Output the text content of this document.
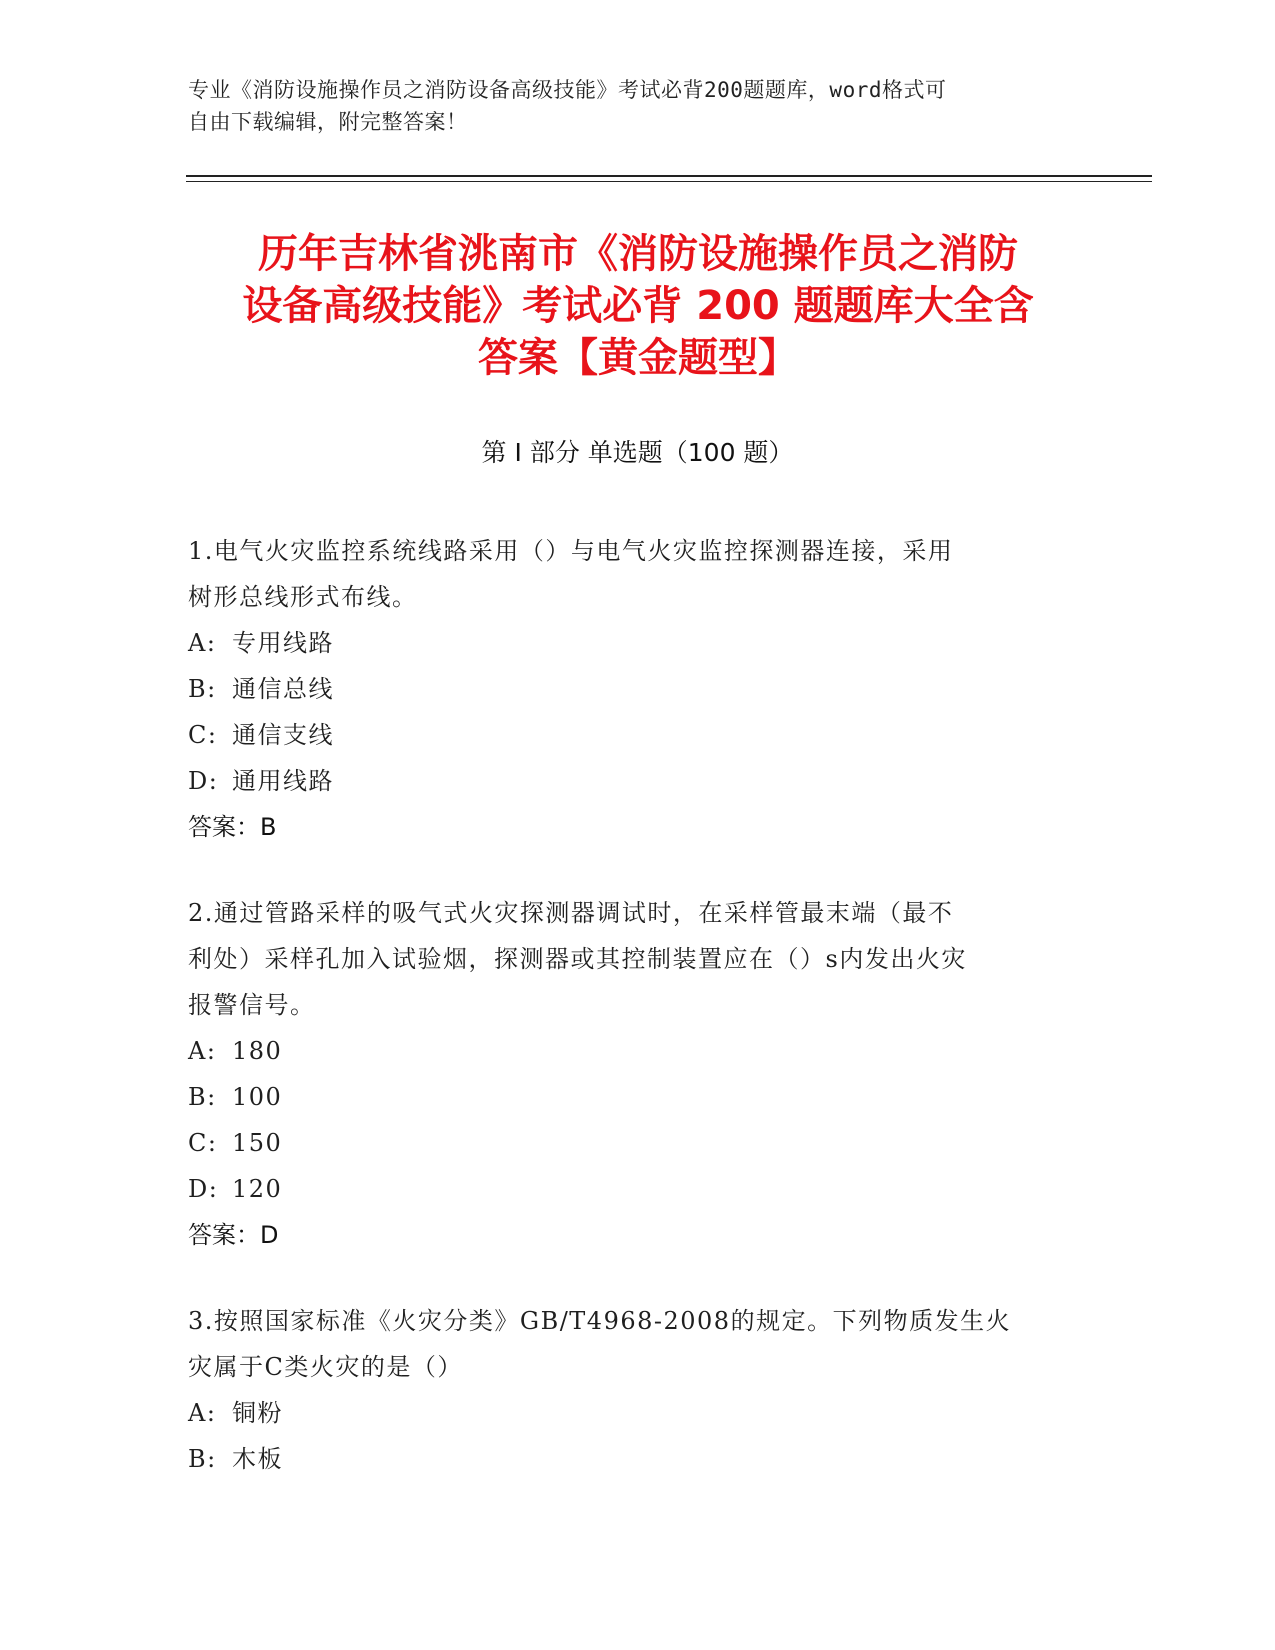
专业《消防设施操作员之消防设备高级技能》考试必背200题题库，word格式可
自由下载编辑，附完整答案！
历年吉林省洮南市《消防设施操作员之消防
设备高级技能》考试必背 200 题题库大全含
答案【黄金题型】
第 I 部分 单选题（100 题）
1.电气火灾监控系统线路采用（）与电气火灾监控探测器连接，采用
树形总线形式布线。
A: 专用线路
B: 通信总线
C: 通信支线
D: 通用线路
答案：B
2.通过管路采样的吸气式火灾探测器调试时，在采样管最末端（最不
利处）采样孔加入试验烟，探测器或其控制装置应在（）s内发出火灾
报警信号。
A: 180
B: 100
C: 150
D: 120
答案：D
3.按照国家标准《火灾分类》GB/T4968-2008的规定。下列物质发生火
灾属于C类火灾的是（）
A: 铜粉
B: 木板
